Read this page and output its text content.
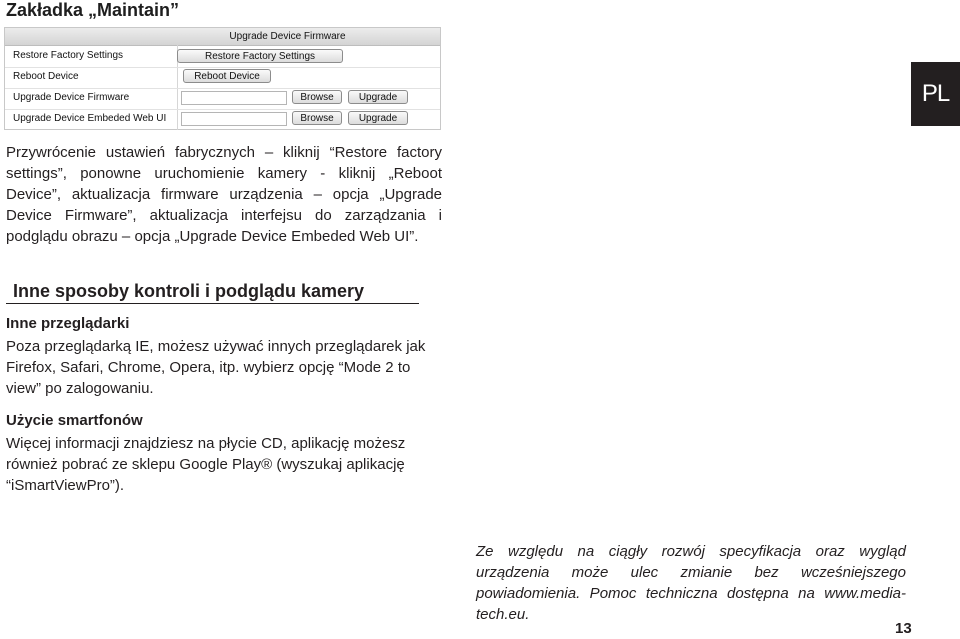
Zakładka „Maintain”
PL
Upgrade Device Firmware
Restore Factory Settings	Restore Factory Settings
Reboot Device	Reboot Device
Upgrade Device Firmware	Browse	Upgrade
Upgrade Device Embeded Web UI	Browse	Upgrade
Przywrócenie ustawień fabrycznych – kliknij “Restore factory settings”, ponowne uruchomienie kamery - kliknij „Reboot Device”, aktualizacja firmware urządzenia – opcja „Upgrade Device Firmware”, aktualizacja interfejsu do zarządzania i podglądu obrazu – opcja „Upgrade Device Embeded Web UI”.
Inne sposoby kontroli i podglądu kamery
Inne przeglądarki
Poza przeglądarką IE, możesz używać innych przeglądarek jak Firefox, Safari, Chrome, Opera, itp. wybierz opcję “Mode 2 to view” po zalogowaniu.
Użycie smartfonów
Więcej informacji znajdziesz na płycie CD, aplikację możesz również pobrać ze sklepu Google Play® (wyszukaj aplikację “iSmartViewPro”).
Ze względu na ciągły rozwój specyfikacja oraz wygląd urządzenia może ulec zmianie bez wcześniejszego powiadomienia. Pomoc techniczna dostępna na www.media-tech.eu.
13
